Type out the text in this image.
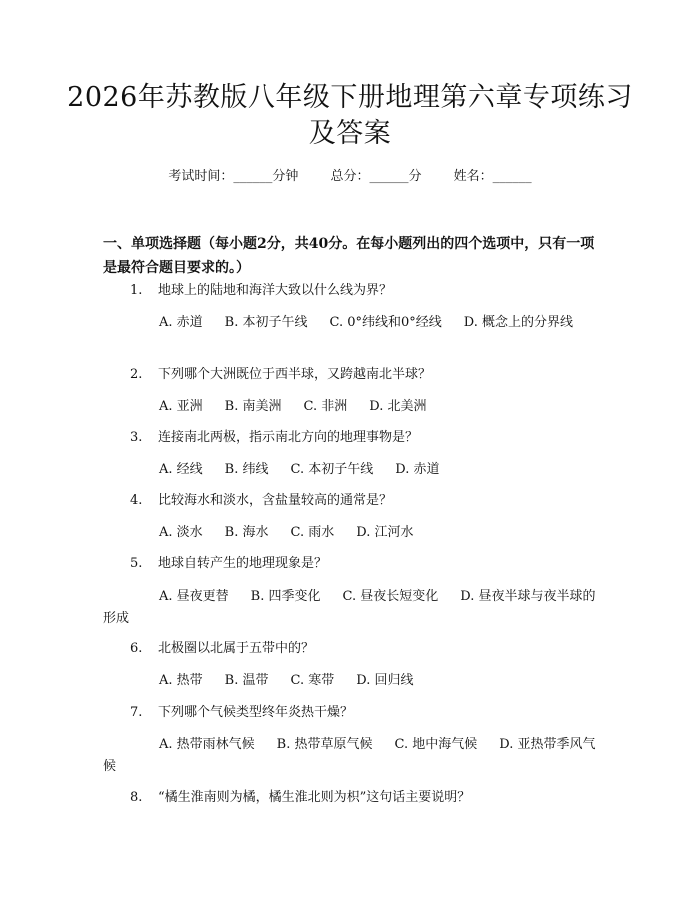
2026年苏教版八年级下册地理第六章专项练习及答案
考试时间：______分钟 总分：______分 姓名：______
一、单项选择题（每小题2分，共40分。在每小题列出的四个选项中，只有一项是最符合题目要求的。）
1. 地球上的陆地和海洋大致以什么线为界？
A. 赤道 B. 本初子午线 C. 0°纬线和0°经线 D. 概念上的分界线
2. 下列哪个大洲既位于西半球，又跨越南北半球？
A. 亚洲 B. 南美洲 C. 非洲 D. 北美洲
3. 连接南北两极，指示南北方向的地理事物是？
A. 经线 B. 纬线 C. 本初子午线 D. 赤道
4. 比较海水和淡水，含盐量较高的通常是？
A. 淡水 B. 海水 C. 雨水 D. 江河水
5. 地球自转产生的地理现象是？
A. 昼夜更替 B. 四季变化 C. 昼夜长短变化 D. 昼夜半球与夜半球的形成
6. 北极圈以北属于五带中的？
A. 热带 B. 温带 C. 寒带 D. 回归线
7. 下列哪个气候类型终年炎热干燥？
A. 热带雨林气候 B. 热带草原气候 C. 地中海气候 D. 亚热带季风气候
8. “橘生淮南则为橘，橘生淮北则为枳”这句话主要说明？
